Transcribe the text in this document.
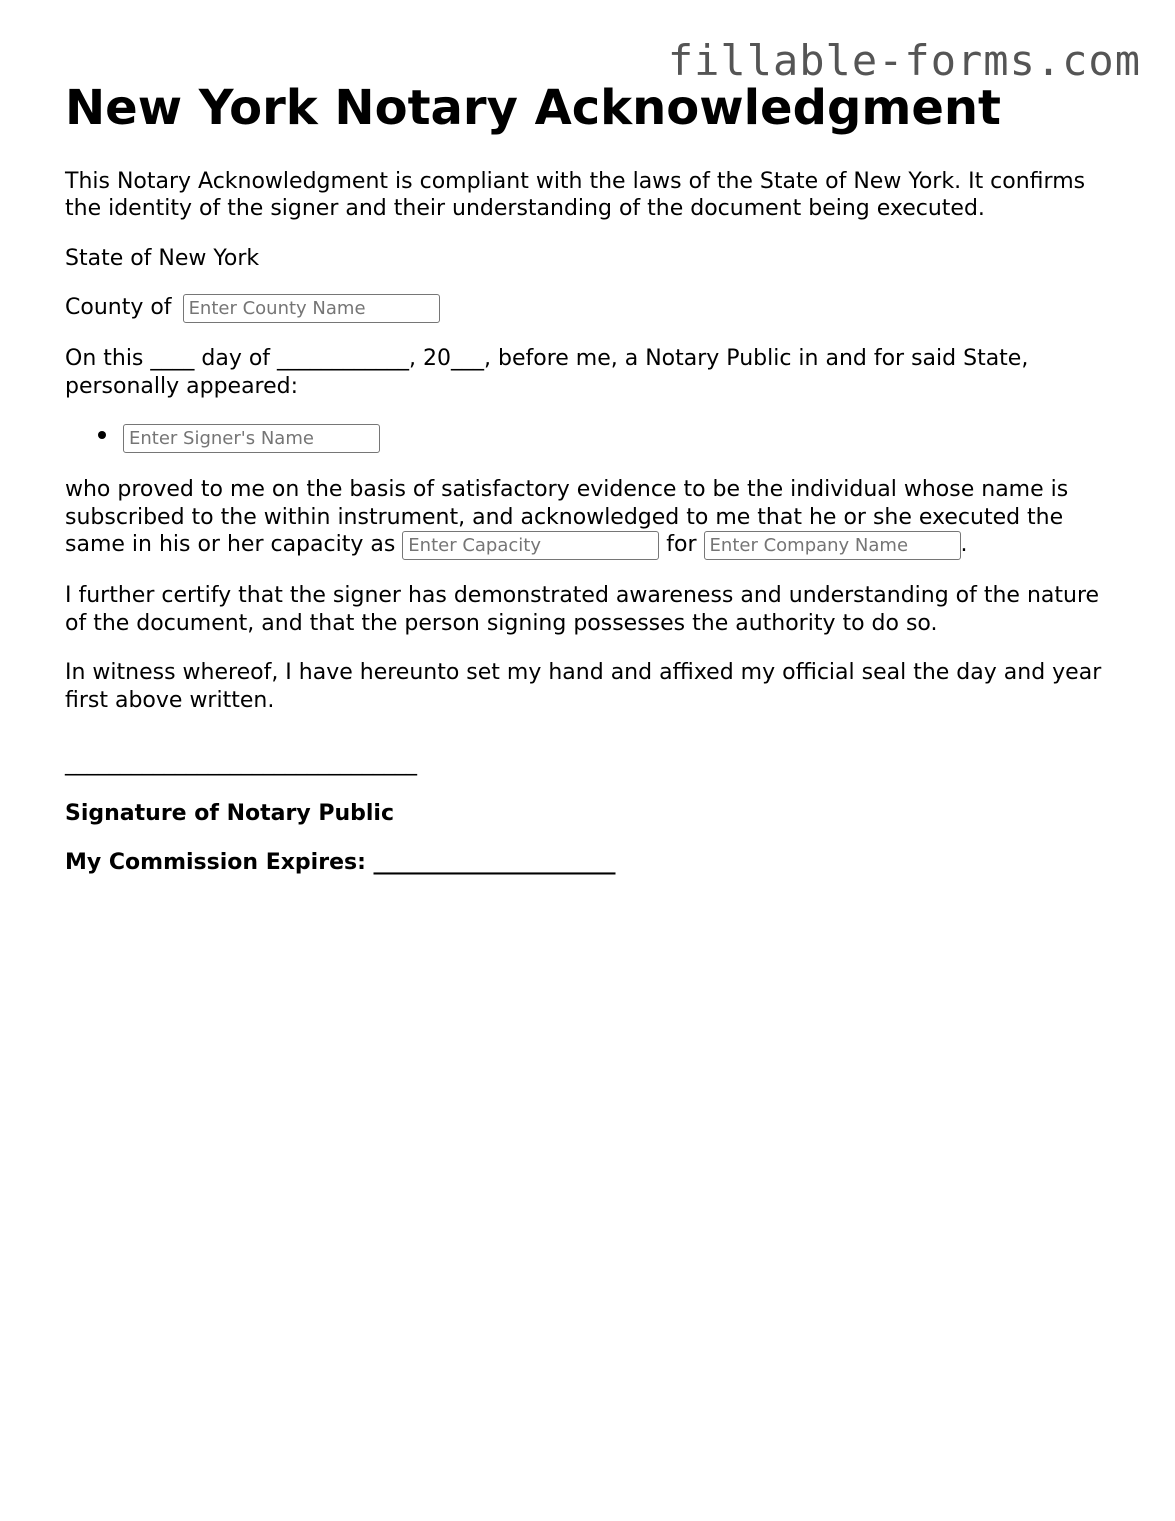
fillable-forms.com
New York Notary Acknowledgment

This Notary Acknowledgment is compliant with the laws of the State of New York. It confirms the identity of the signer and their understanding of the document being executed.

State of New York

County of Enter County Name

On this ____ day of ____________, 20___, before me, a Notary Public in and for said State, personally appeared:

Enter Signer's Name

who proved to me on the basis of satisfactory evidence to be the individual whose name is subscribed to the within instrument, and acknowledged to me that he or she executed the same in his or her capacity as Enter Capacity	for Enter Company Name	.

I further certify that the signer has demonstrated awareness and understanding of the nature of the document, and that the person signing possesses the authority to do so.

In witness whereof, I have hereunto set my hand and affixed my official seal the day and year first above written.

________________________________

Signature of Notary Public

My Commission Expires: ______________________
